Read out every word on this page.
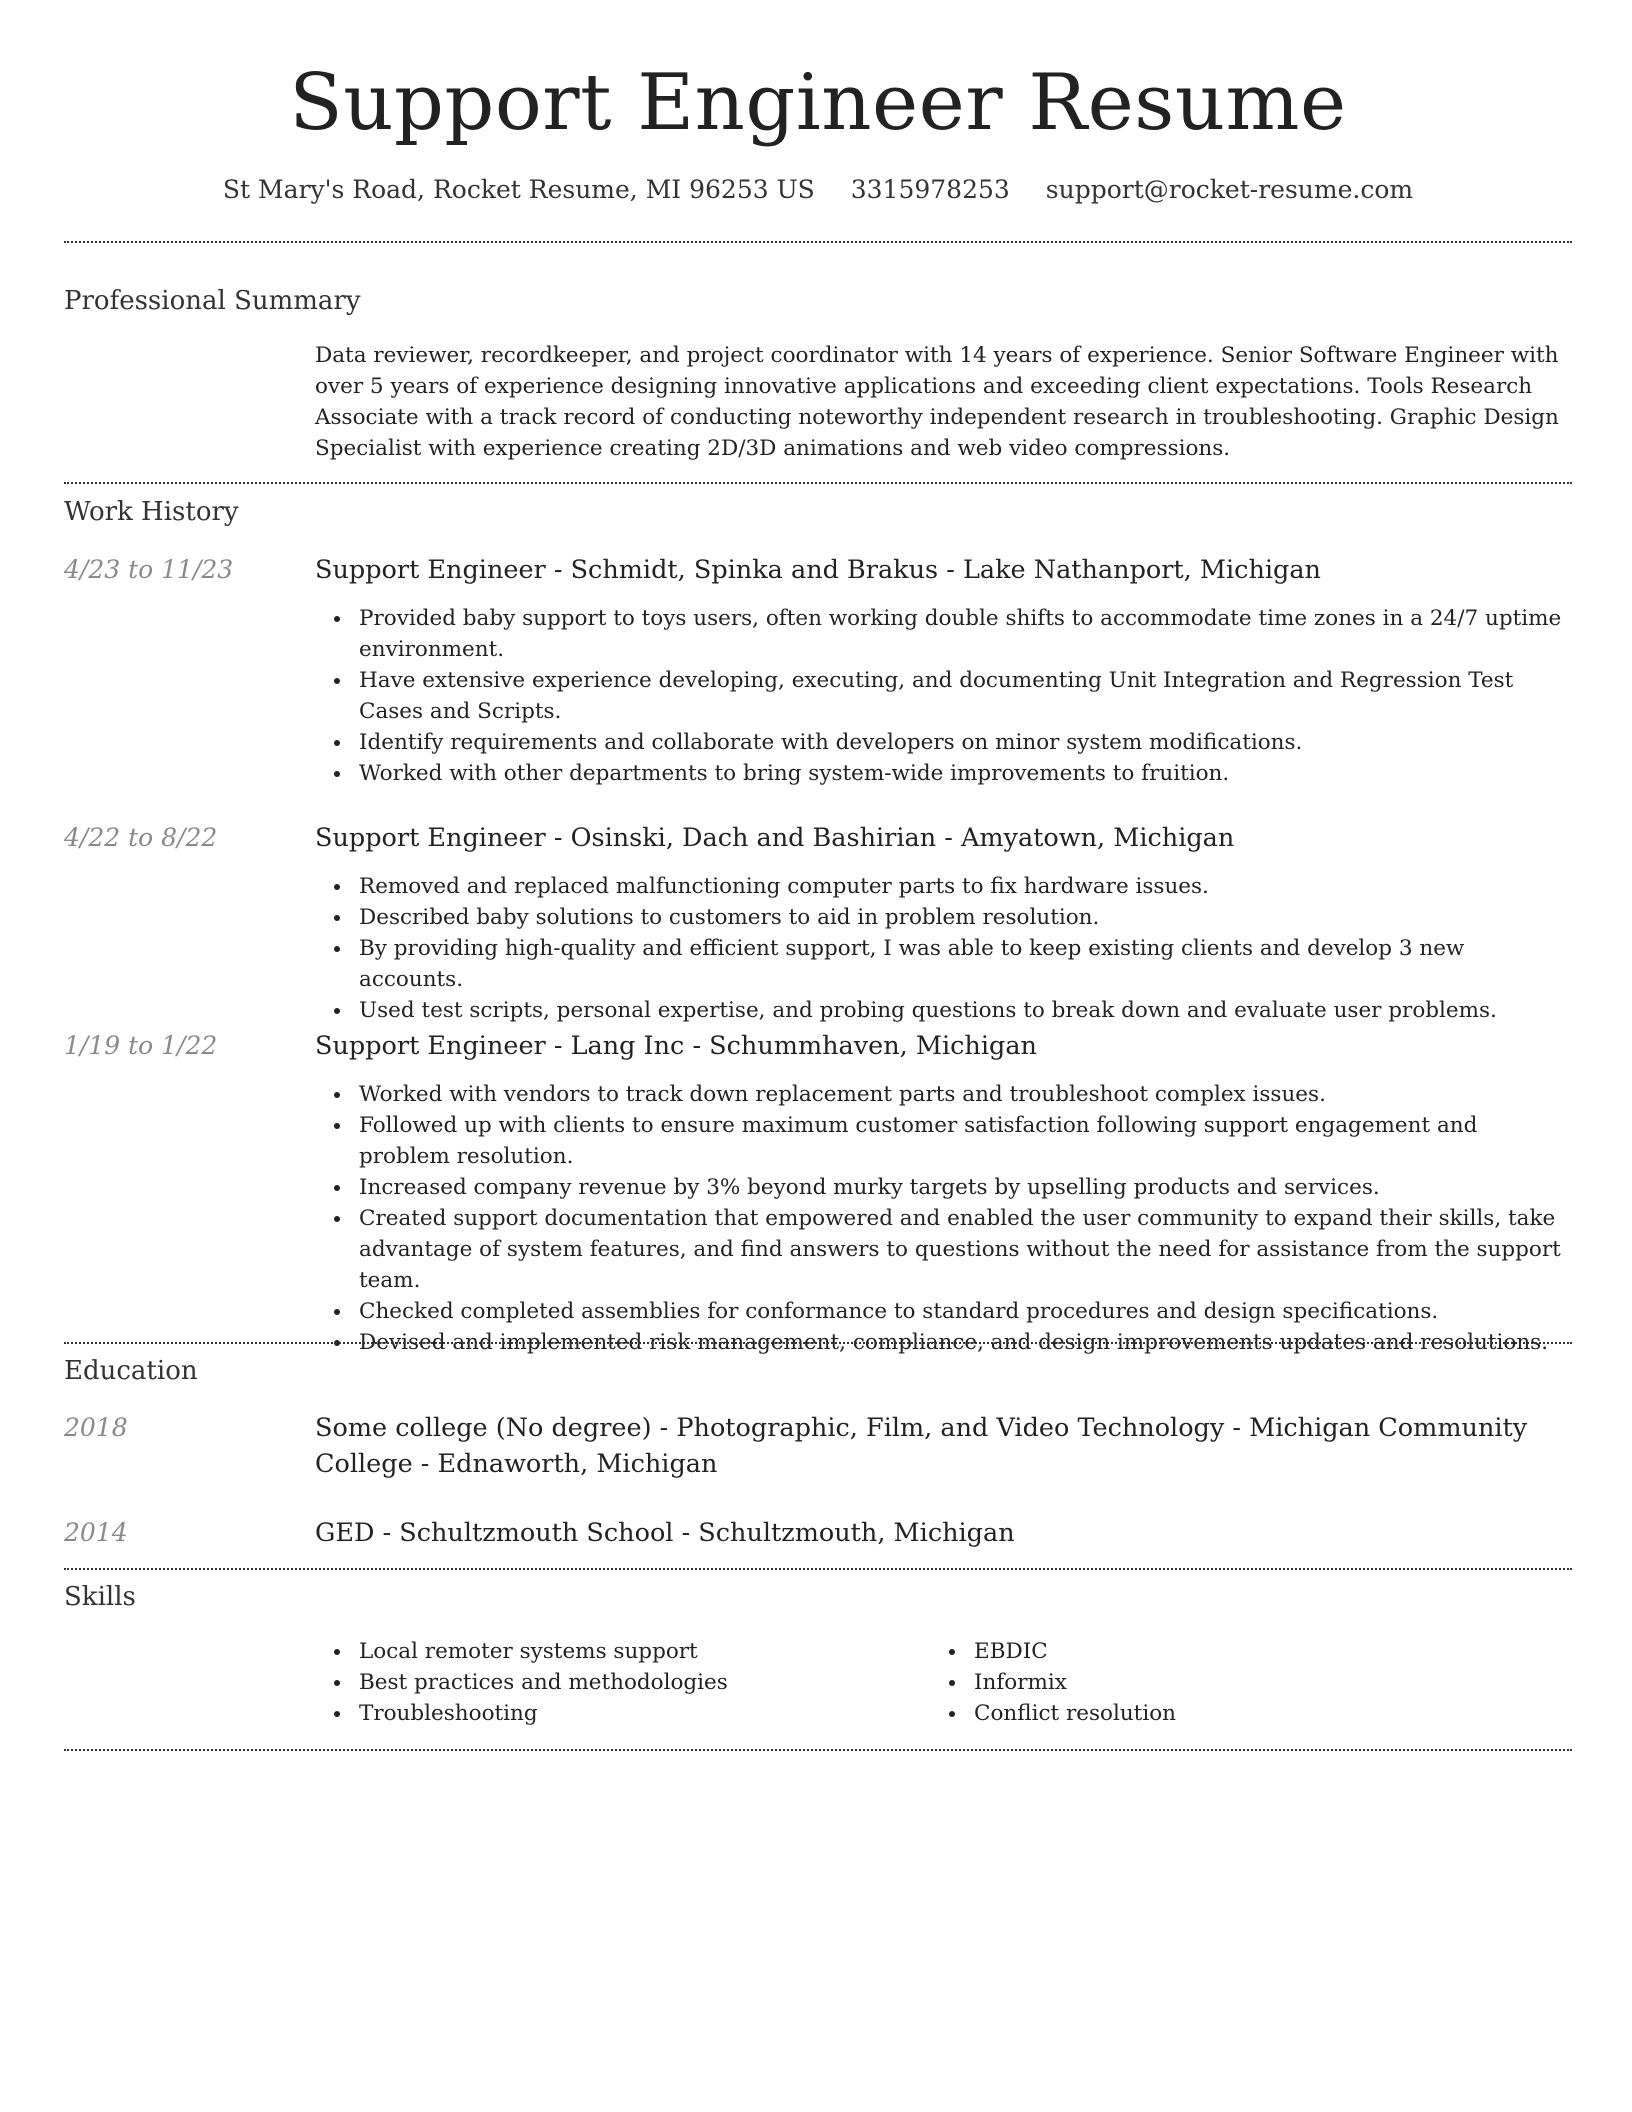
Support Engineer Resume
St Mary's Road, Rocket Resume, MI 96253 US 3315978253 support@rocket-resume.com
Professional Summary
Data reviewer, recordkeeper, and project coordinator with 14 years of experience. Senior Software Engineer with over 5 years of experience designing innovative applications and exceeding client expectations. Tools Research Associate with a track record of conducting noteworthy independent research in troubleshooting. Graphic Design Specialist with experience creating 2D/3D animations and web video compressions.
Work History
4/23 to 11/23	Support Engineer - Schmidt, Spinka and Brakus - Lake Nathanport, Michigan
Provided baby support to toys users, often working double shifts to accommodate time zones in a 24/7 uptime environment.
Have extensive experience developing, executing, and documenting Unit Integration and Regression Test Cases and Scripts.
Identify requirements and collaborate with developers on minor system modifications.
Worked with other departments to bring system-wide improvements to fruition.
4/22 to 8/22	Support Engineer - Osinski, Dach and Bashirian - Amyatown, Michigan
Removed and replaced malfunctioning computer parts to fix hardware issues.
Described baby solutions to customers to aid in problem resolution.
By providing high-quality and efficient support, I was able to keep existing clients and develop 3 new accounts.
Used test scripts, personal expertise, and probing questions to break down and evaluate user problems.
1/19 to 1/22	Support Engineer - Lang Inc - Schummhaven, Michigan
Worked with vendors to track down replacement parts and troubleshoot complex issues.
Followed up with clients to ensure maximum customer satisfaction following support engagement and problem resolution.
Increased company revenue by 3% beyond murky targets by upselling products and services.
Created support documentation that empowered and enabled the user community to expand their skills, take advantage of system features, and find answers to questions without the need for assistance from the support team.
Checked completed assemblies for conformance to standard procedures and design specifications.
Devised and implemented risk management, compliance, and design improvements updates and resolutions.
Education
2018	Some college (No degree) - Photographic, Film, and Video Technology - Michigan Community College - Ednaworth, Michigan
2014	GED - Schultzmouth School - Schultzmouth, Michigan
Skills
Local remoter systems support
Best practices and methodologies
Troubleshooting
EBDIC
Informix
Conflict resolution
